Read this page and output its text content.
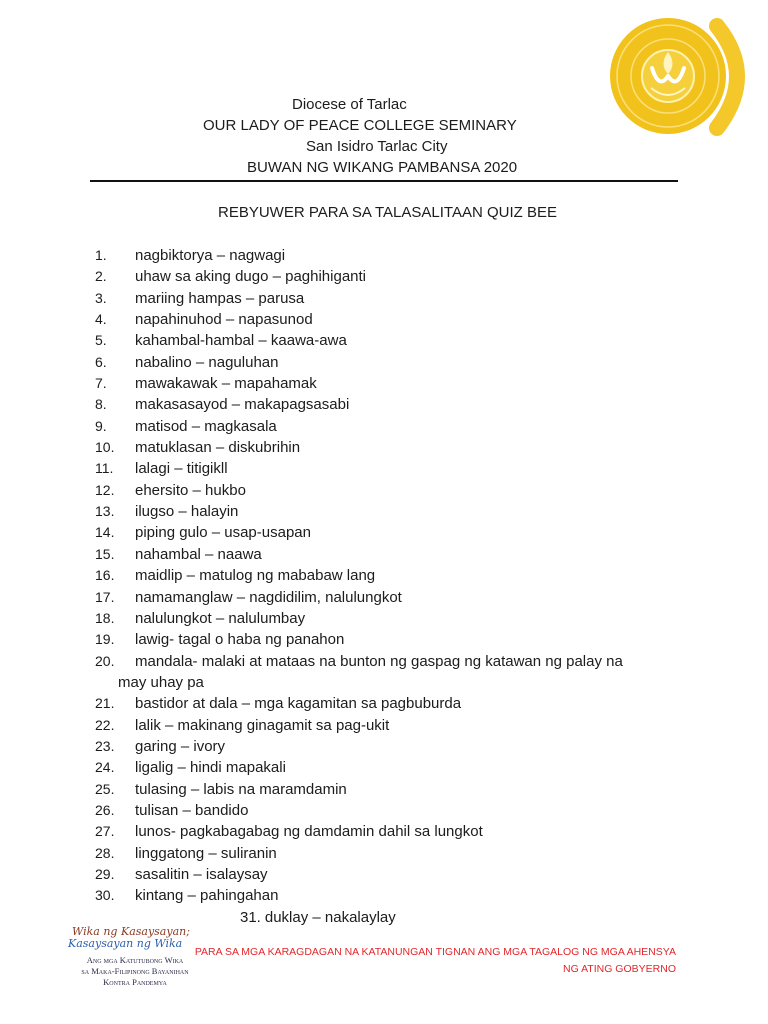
Diocese of Tarlac
OUR LADY OF PEACE COLLEGE SEMINARY
San Isidro Tarlac City
BUWAN NG WIKANG PAMBANSA 2020
REBYUWER PARA SA TALASALITAAN QUIZ BEE
1. nagbiktorya – nagwagi
2. uhaw sa aking dugo – paghihiganti
3. mariing hampas – parusa
4. napahinuhod – napasunod
5. kahambal-hambal – kaawa-awa
6. nabalino – naguluhan
7. mawakawak – mapahamak
8. makasasayod – makapagsasabi
9. matisod – magkasala
10. matuklasan – diskubrihin
11. lalagi – titigikll
12. ehersito – hukbo
13. ilugso – halayin
14. piping gulo – usap-usapan
15. nahambal – naawa
16. maidlip – matulog ng mababaw lang
17. namamanglaw – nagdidilim, nalulungkot
18. nalulungkot – nalulumbay
19. lawig- tagal o haba ng panahon
20. mandala- malaki at mataas na bunton ng gaspag ng katawan ng palay na
may uhay pa
21. bastidor at dala – mga kagamitan sa pagbuburda
22. lalik – makinang ginagamit sa pag-ukit
23. garing – ivory
24. ligalig – hindi mapakali
25. tulasing – labis na maramdamin
26. tulisan – bandido
27. lunos- pagkabagabag ng damdamin dahil sa lungkot
28. linggatong – suliranin
29. sasalitin – isalaysay
30. kintang – pahingahan
31. duklay – nakalaylay
Wika ng Kasaysayan;
Kasaysayan ng Wika
Ang mga Katutubong Wika
sa Maka-Filipinong Bayanihan
Kontra Pandemya
PARA SA MGA KARAGDAGAN NA KATANUNGAN TIGNAN ANG MGA TAGALOG NG MGA AHENSYA
NG ATING GOBYERNO
